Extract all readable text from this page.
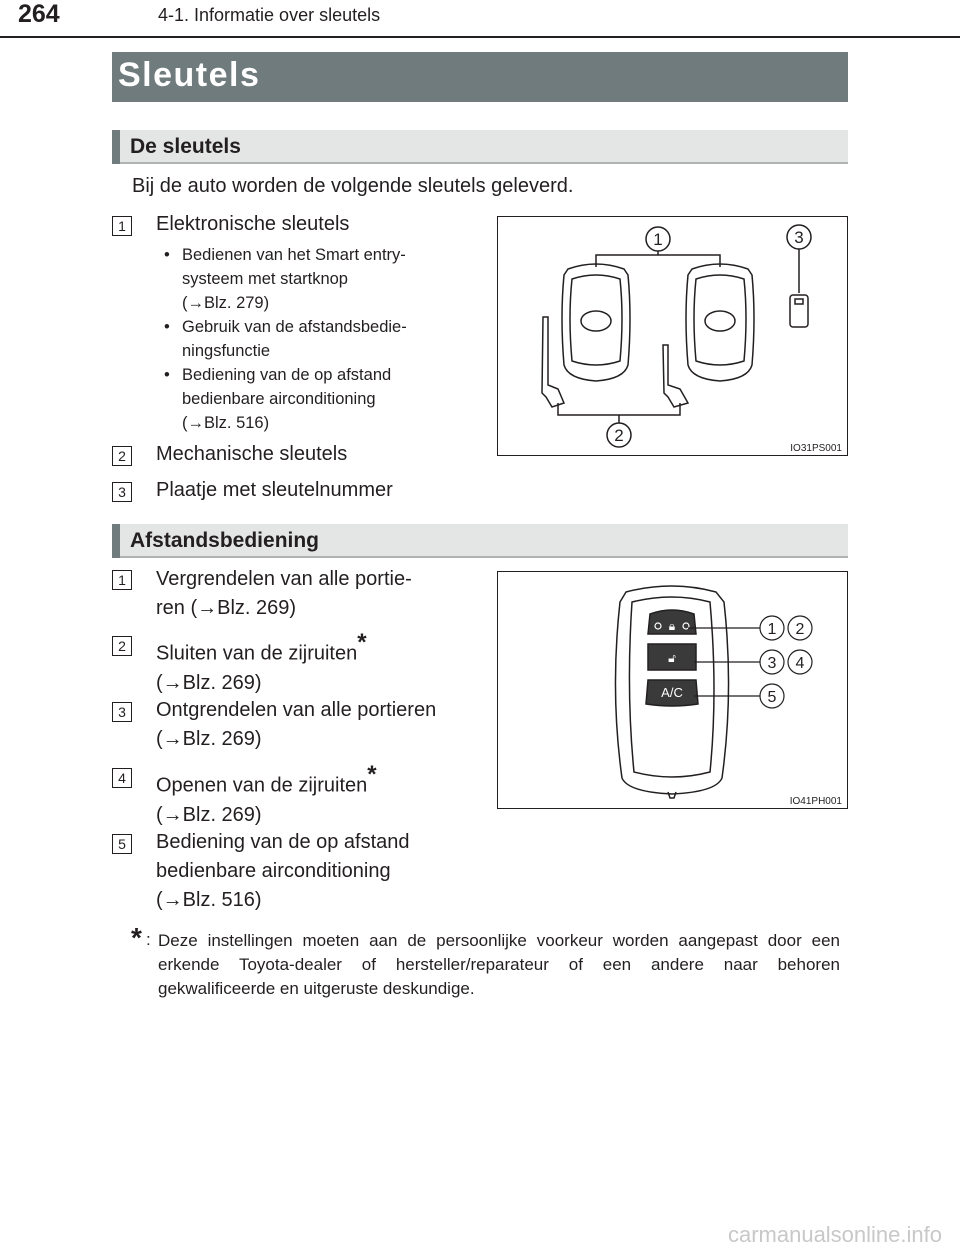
264	4-1. Informatie over sleutels
Sleutels
De sleutels
Bij de auto worden de volgende sleutels geleverd.
1	Elektronische sleutels
• Bedienen van het Smart entry-
systeem met startknop
(→Blz. 279)
• Gebruik van de afstandsbedie-
ningsfunctie
• Bediening van de op afstand
bedienbare airconditioning
(→Blz. 516)
2	Mechanische sleutels
3	Plaatje met sleutelnummer
1
2
3
IO31PS001
Afstandsbediening
1	Vergrendelen van alle portie-
ren (→Blz. 269)
2	Sluiten van de zijruiten*
(→Blz. 269)
3	Ontgrendelen van alle portieren
(→Blz. 269)
4	Openen van de zijruiten*
(→Blz. 269)
5	Bediening van de op afstand
bedienbare airconditioning
(→Blz. 516)
🔒︎
🔓︎
A/C
1 2
3 4
5
IO41PH001
* : Deze instellingen moeten aan de persoonlijke voorkeur worden aangepast door een erkende Toyota-dealer of hersteller/reparateur of een andere naar behoren gekwalificeerde en uitgeruste deskundige.
carmanualsonline.info
